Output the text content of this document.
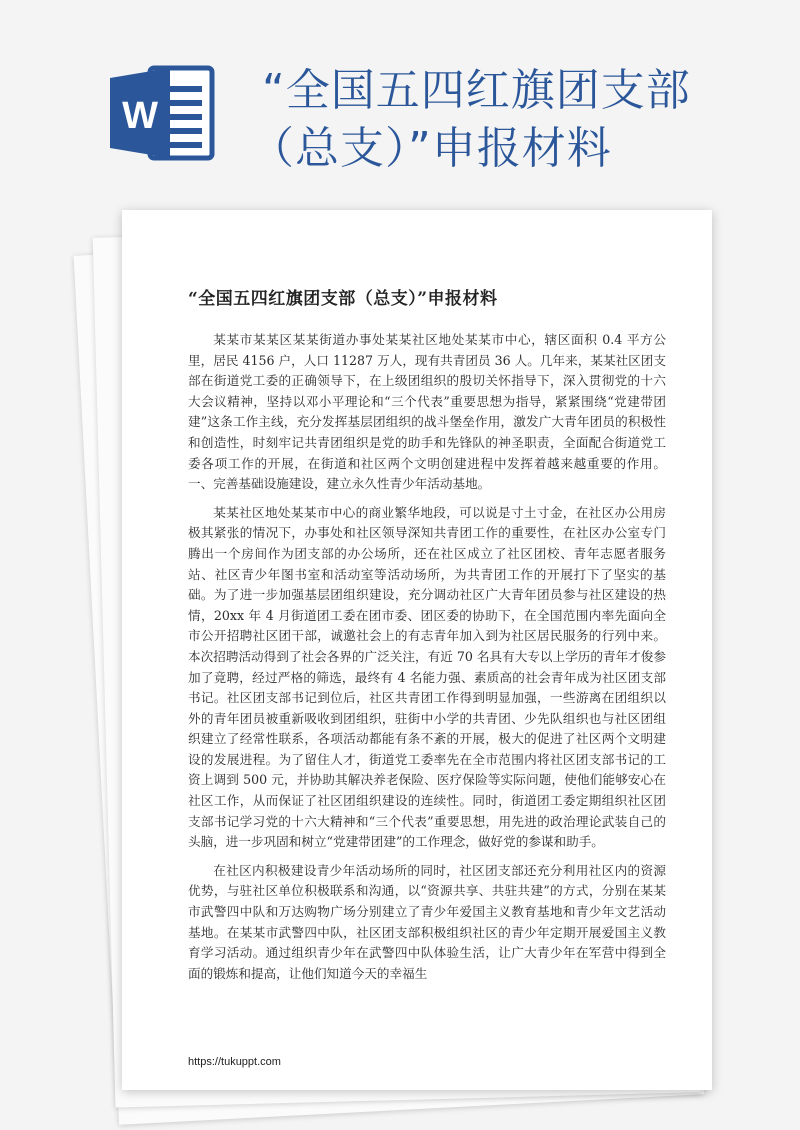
W “全国五四红旗团支部
（总支）”申报材料
“全国五四红旗团支部（总支）”申报材料

某某市某某区某某街道办事处某某社区地处某某市中心，辖区面积 0.4 平方公里，居民 4156 户，人口 11287 万人，现有共青团员 36 人。几年来，某某社区团支部在街道党工委的正确领导下，在上级团组织的殷切关怀指导下，深入贯彻党的十六大会议精神，坚持以邓小平理论和“三个代表”重要思想为指导，紧紧围绕“党建带团建”这条工作主线，充分发挥基层团组织的战斗堡垒作用，激发广大青年团员的积极性和创造性，时刻牢记共青团组织是党的助手和先锋队的神圣职责，全面配合街道党工委各项工作的开展，在街道和社区两个文明创建进程中发挥着越来越重要的作用。一、完善基础设施建设，建立永久性青少年活动基地。

某某社区地处某某市中心的商业繁华地段，可以说是寸土寸金，在社区办公用房极其紧张的情况下，办事处和社区领导深知共青团工作的重要性，在社区办公室专门腾出一个房间作为团支部的办公场所，还在社区成立了社区团校、青年志愿者服务站、社区青少年图书室和活动室等活动场所，为共青团工作的开展打下了坚实的基础。为了进一步加强基层团组织建设，充分调动社区广大青年团员参与社区建设的热情，20xx 年 4 月街道团工委在团市委、团区委的协助下，在全国范围内率先面向全市公开招聘社区团干部，诚邀社会上的有志青年加入到为社区居民服务的行列中来。本次招聘活动得到了社会各界的广泛关注，有近 70 名具有大专以上学历的青年才俊参加了竟聘，经过严格的筛选，最终有 4 名能力强、素质高的社会青年成为社区团支部书记。社区团支部书记到位后，社区共青团工作得到明显加强，一些游离在团组织以外的青年团员被重新吸收到团组织，驻街中小学的共青团、少先队组织也与社区团组织建立了经常性联系，各项活动都能有条不紊的开展，极大的促进了社区两个文明建设的发展进程。为了留住人才，街道党工委率先在全市范围内将社区团支部书记的工资上调到 500 元，并协助其解决养老保险、医疗保险等实际问题，使他们能够安心在社区工作，从而保证了社区团组织建设的连续性。同时，街道团工委定期组织社区团支部书记学习党的十六大精神和“三个代表”重要思想，用先进的政治理论武装自己的头脑，进一步巩固和树立“党建带团建”的工作理念，做好党的参谋和助手。

在社区内积极建设青少年活动场所的同时，社区团支部还充分利用社区内的资源优势，与驻社区单位积极联系和沟通，以“资源共享、共驻共建”的方式，分别在某某市武警四中队和万达购物广场分别建立了青少年爱国主义教育基地和青少年文艺活动基地。在某某市武警四中队，社区团支部积极组织社区的青少年定期开展爱国主义教育学习活动。通过组织青少年在武警四中队体验生活，让广大青少年在军营中得到全面的锻炼和提高，让他们知道今天的幸福生

https://tukuppt.com
